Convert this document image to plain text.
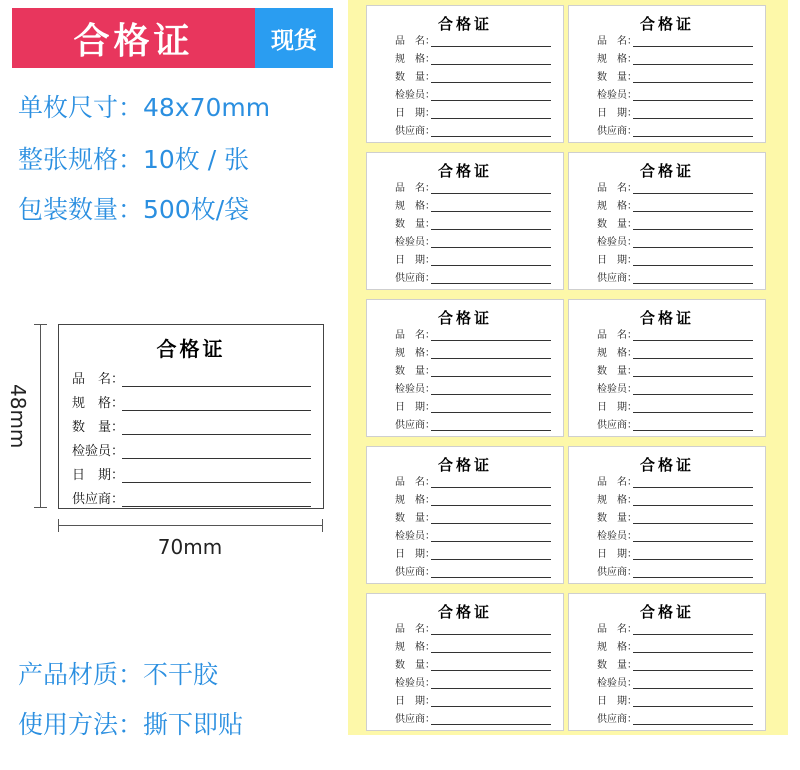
合格证	现货
单枚尺寸：48x70mm
整张规格：10枚 / 张
包装数量：500枚/袋
产品材质：不干胶
使用方法：撕下即贴
48mm
70mm
合格证
品　名：
规　格：
数　量：
检验员：
日　期：
供应商：
合格证
品　名：
规　格：
数　量：
检验员：
日　期：
供应商：
合格证
品　名：
规　格：
数　量：
检验员：
日　期：
供应商：
合格证
品　名：
规　格：
数　量：
检验员：
日　期：
供应商：
合格证
品　名：
规　格：
数　量：
检验员：
日　期：
供应商：
合格证
品　名：
规　格：
数　量：
检验员：
日　期：
供应商：
合格证
品　名：
规　格：
数　量：
检验员：
日　期：
供应商：
合格证
品　名：
规　格：
数　量：
检验员：
日　期：
供应商：
合格证
品　名：
规　格：
数　量：
检验员：
日　期：
供应商：
合格证
品　名：
规　格：
数　量：
检验员：
日　期：
供应商：
合格证
品　名：
规　格：
数　量：
检验员：
日　期：
供应商：
